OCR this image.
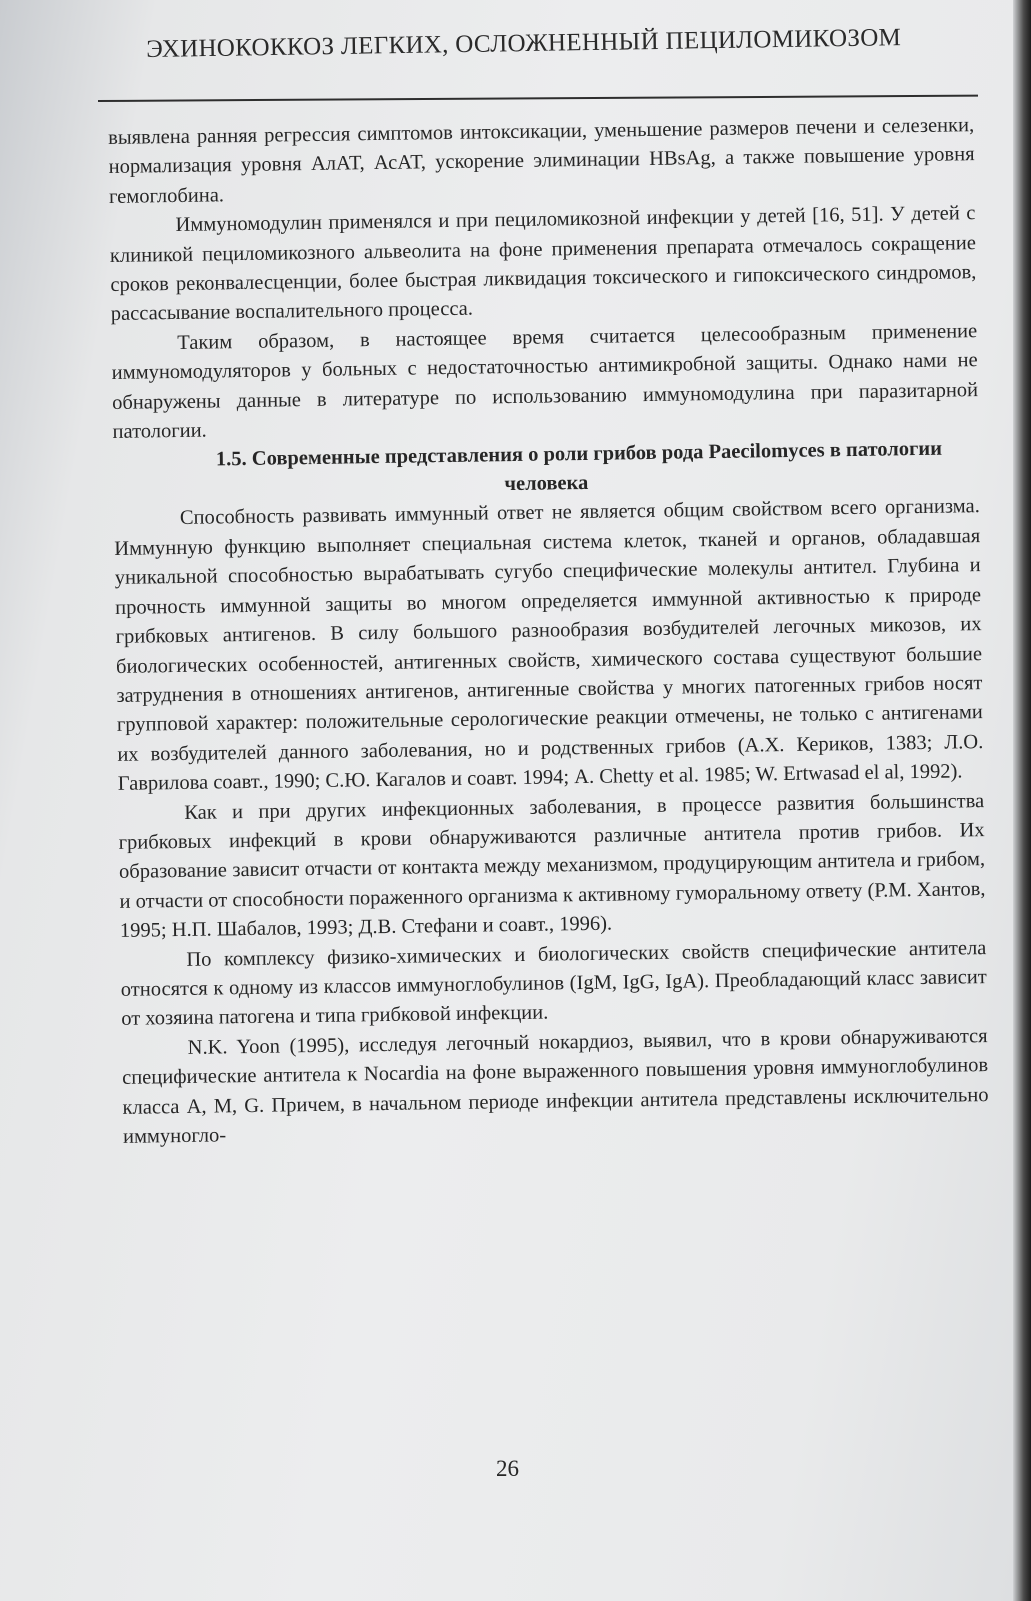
ЭХИНОКОККОЗ ЛЕГКИХ, ОСЛОЖНЕННЫЙ ПЕЦИЛОМИКОЗОМ

выявлена ранняя регрессия симптомов интоксикации, уменьшение размеров печени и селезенки, нормализация уровня АлАТ, АсАТ, ускорение элиминации HBsAg, а также повышение уровня гемоглобина.

Иммуномодулин применялся и при пециломикозной инфекции у детей [16, 51]. У детей с клиникой пециломикозного альвеолита на фоне применения препарата отмечалось сокращение сроков реконвалесценции, более быстрая ликвидация токсического и гипоксического синдромов, рассасывание воспалительного процесса.

Таким образом, в настоящее время считается целесообразным применение иммуномодуляторов у больных с недостаточностью антимикробной защиты. Однако нами не обнаружены данные в литературе по использованию иммуномодулина при паразитарной патологии.

1.5. Современные представления о роли грибов рода Paecilomyces в патологии человека

Способность развивать иммунный ответ не является общим свойством всего организма. Иммунную функцию выполняет специальная система клеток, тканей и органов, обладавшая уникальной способностью вырабатывать сугубо специфические молекулы антител. Глубина и прочность иммунной защиты во многом определяется иммунной активностью к природе грибковых антигенов. В силу большого разнообразия возбудителей легочных микозов, их биологических особенностей, антигенных свойств, химического состава существуют большие затруднения в отношениях антигенов, антигенные свойства у многих патогенных грибов носят групповой характер: положительные серологические реакции отмечены, не только с антигенами их возбудителей данного заболевания, но и родственных грибов (А.Х. Кериков, 1383; Л.О. Гаврилова соавт., 1990; С.Ю. Кагалов и соавт. 1994; A. Chetty et al. 1985; W. Ertwasad el al, 1992).

Как и при других инфекционных заболевания, в процессе развития большинства грибковых инфекций в крови обнаруживаются различные антитела против грибов. Их образование зависит отчасти от контакта между механизмом, продуцирующим антитела и грибом, и отчасти от способности пораженного организма к активному гуморальному ответу (Р.М. Хантов, 1995; Н.П. Шабалов, 1993; Д.В. Стефани и соавт., 1996).

По комплексу физико-химических и биологических свойств специфические антитела относятся к одному из классов иммуноглобулинов (IgM, IgG, IgA). Преобладающий класс зависит от хозяина патогена и типа грибковой инфекции.

N.K. Yoon (1995), исследуя легочный нокардиоз, выявил, что в крови обнаруживаются специфические антитела к Nocardia на фоне выраженного повышения уровня иммуноглобулинов класса A, M, G. Причем, в начальном периоде инфекции антитела представлены исключительно иммуногло-

26
